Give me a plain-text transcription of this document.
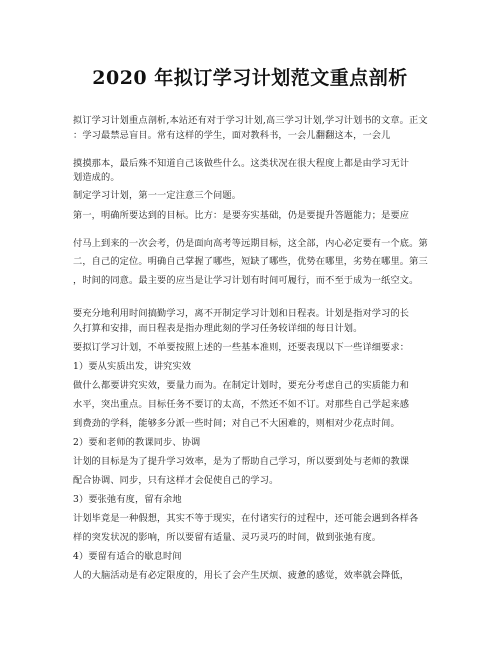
2020 年拟订学习计划范文重点剖析
拟订学习计划重点剖析,本站还有对于学习计划,高三学习计划,学习计划书的文章。正文
：学习最禁忌盲目。常有这样的学生，面对教科书，一会儿翻翻这本，一会儿
摸摸那本，最后殊不知道自己该做些什么。这类状况在很大程度上都是由学习无计
划造成的。
制定学习计划，第一一定注意三个问题。
第一，明确所要达到的目标。比方：是要夯实基础，仍是要提升答题能力；是要应
付马上到来的一次会考，仍是面向高考等远期目标，这全部，内心必定要有一个底。第
二，自己的定位。明确自己掌握了哪些，短缺了哪些，优势在哪里，劣势在哪里。第三
，时间的同意。最主要的应当是让学习计划有时间可履行，而不至于成为一纸空文。
要充分地利用时间搞勤学习，离不开制定学习计划和日程表。计划是指对学习的长
久打算和安排，而日程表是指办理此刻的学习任务较详细的每日计划。
要拟订学习计划，不单要按照上述的一些基本准则，还要表现以下一些详细要求：
1）要从实质出发，讲究实效
做什么都要讲究实效，要量力而为。在制定计划时，要充分考虑自己的实质能力和
水平，突出重点。目标任务不要订的太高，不然还不如不订。对那些自己学起来感
到费劲的学科，能够多分派一些时间；对自己不大困难的，则相对少花点时间。
2）要和老师的教课同步、协调
计划的目标是为了提升学习效率，是为了帮助自己学习，所以要到处与老师的教课
配合协调、同步，只有这样才会促使自己的学习。
3）要张弛有度，留有余地
计划毕竟是一种假想，其实不等于现实，在付诸实行的过程中，还可能会遇到各样各
样的突发状况的影响，所以要留有适量、灵巧灵巧的时间，做到张弛有度。
4）要留有适合的歇息时间
人的大脑活动是有必定限度的，用长了会产生厌烦、疲惫的感觉，效率就会降低，
